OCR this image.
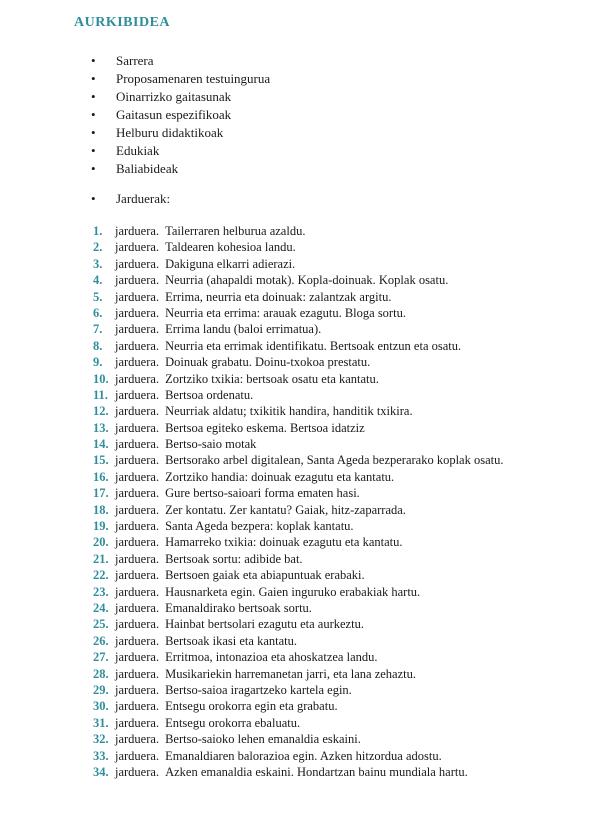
AURKIBIDEA
• Sarrera
• Proposamenaren testuingurua
• Oinarrizko gaitasunak
• Gaitasun espezifikoak
• Helburu didaktikoak
• Edukiak
• Baliabideak
• Jarduerak:
1. jarduera. Tailerraren helburua azaldu.
2. jarduera. Taldearen kohesioa landu.
3. jarduera. Dakiguna elkarri adierazi.
4. jarduera. Neurria (ahapaldi motak). Kopla-doinuak. Koplak osatu.
5. jarduera. Errima, neurria eta doinuak: zalantzak argitu.
6. jarduera. Neurria eta errima: arauak ezagutu. Bloga sortu.
7. jarduera. Errima landu (baloi errimatua).
8. jarduera. Neurria eta errimak identifikatu. Bertsoak entzun eta osatu.
9. jarduera. Doinuak grabatu. Doinu-txokoa prestatu.
10. jarduera. Zortziko txikia: bertsoak osatu eta kantatu.
11. jarduera. Bertsoa ordenatu.
12. jarduera. Neurriak aldatu; txikitik handira, handitik txikira.
13. jarduera. Bertsoa egiteko eskema. Bertsoa idatziz
14. jarduera. Bertso-saio motak
15. jarduera. Bertsorako arbel digitalean, Santa Ageda bezperarako koplak osatu.
16. jarduera. Zortziko handia: doinuak ezagutu eta kantatu.
17. jarduera. Gure bertso-saioari forma ematen hasi.
18. jarduera. Zer kontatu. Zer kantatu? Gaiak, hitz-zaparrada.
19. jarduera. Santa Ageda bezpera: koplak kantatu.
20. jarduera. Hamarreko txikia: doinuak ezagutu eta kantatu.
21. jarduera. Bertsoak sortu: adibide bat.
22. jarduera. Bertsoen gaiak eta abiapuntuak erabaki.
23. jarduera. Hausnarketa egin. Gaien inguruko erabakiak hartu.
24. jarduera. Emanaldirako bertsoak sortu.
25. jarduera. Hainbat bertsolari ezagutu eta aurkeztu.
26. jarduera. Bertsoak ikasi eta kantatu.
27. jarduera. Erritmoa, intonazioa eta ahoskatzea landu.
28. jarduera. Musikariekin harremanetan jarri, eta lana zehaztu.
29. jarduera. Bertso-saioa iragartzeko kartela egin.
30. jarduera. Entsegu orokorra egin eta grabatu.
31. jarduera. Entsegu orokorra ebaluatu.
32. jarduera. Bertso-saioko lehen emanaldia eskaini.
33. jarduera. Emanaldiaren balorazioa egin. Azken hitzordua adostu.
34. jarduera. Azken emanaldia eskaini. Hondartzan bainu mundiala hartu.
